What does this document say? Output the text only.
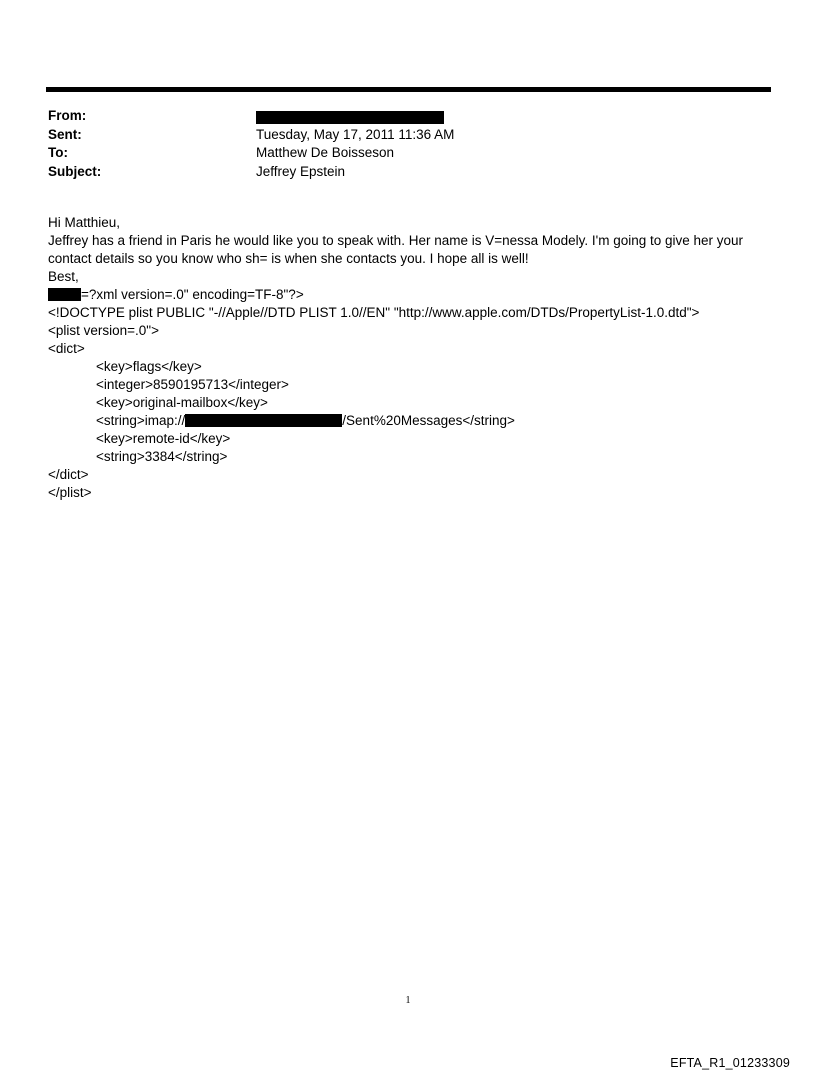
From:
Sent:	Tuesday, May 17, 2011 11:36 AM
To:	Matthew De Boisseson
Subject:	Jeffrey Epstein
Hi Matthieu,
Jeffrey has a friend in Paris he would like you to speak with. Her name is V=nessa Modely. I'm going to give her your contact details so you know who sh= is when she contacts you. I hope all is well!
Best,
=?xml version=.0" encoding=TF-8"?>
<!DOCTYPE plist PUBLIC "-//Apple//DTD PLIST 1.0//EN" "http://www.apple.com/DTDs/PropertyList-1.0.dtd">
<plist version=.0">
<dict>
<key>flags</key>
<integer>8590195713</integer>
<key>original-mailbox</key>
<string>imap://	/Sent%20Messages</string>
<key>remote-id</key>
<string>3384</string>
</dict>
</plist>
1
EFTA_R1_01233309
